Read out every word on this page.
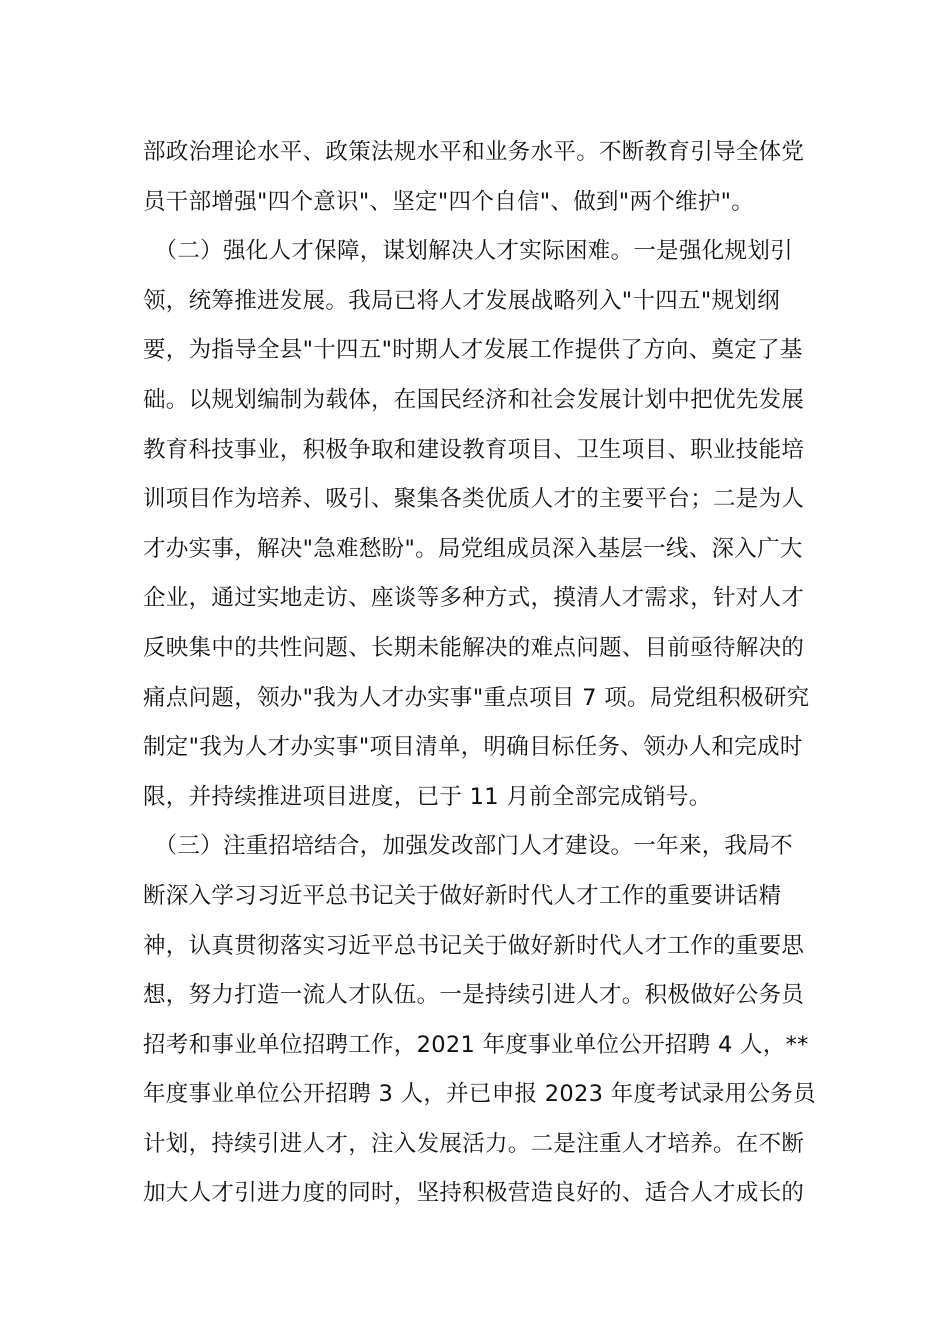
部政治理论水平、政策法规水平和业务水平。不断教育引导全体党
员干部增强"四个意识"、坚定"四个自信"、做到"两个维护"。
　（二）强化人才保障，谋划解决人才实际困难。一是强化规划引
领，统筹推进发展。我局已将人才发展战略列入"十四五"规划纲
要，为指导全县"十四五"时期人才发展工作提供了方向、奠定了基
础。以规划编制为载体，在国民经济和社会发展计划中把优先发展
教育科技事业，积极争取和建设教育项目、卫生项目、职业技能培
训项目作为培养、吸引、聚集各类优质人才的主要平台；二是为人
才办实事，解决"急难愁盼"。局党组成员深入基层一线、深入广大
企业，通过实地走访、座谈等多种方式，摸清人才需求，针对人才
反映集中的共性问题、长期未能解决的难点问题、目前亟待解决的
痛点问题，领办"我为人才办实事"重点项目 7 项。局党组积极研究
制定"我为人才办实事"项目清单，明确目标任务、领办人和完成时
限，并持续推进项目进度，已于 11 月前全部完成销号。
　（三）注重招培结合，加强发改部门人才建设。一年来，我局不
断深入学习习近平总书记关于做好新时代人才工作的重要讲话精
神，认真贯彻落实习近平总书记关于做好新时代人才工作的重要思
想，努力打造一流人才队伍。一是持续引进人才。积极做好公务员
招考和事业单位招聘工作，2021 年度事业单位公开招聘 4 人，**
年度事业单位公开招聘 3 人，并已申报 2023 年度考试录用公务员
计划，持续引进人才，注入发展活力。二是注重人才培养。在不断
加大人才引进力度的同时，坚持积极营造良好的、适合人才成长的
